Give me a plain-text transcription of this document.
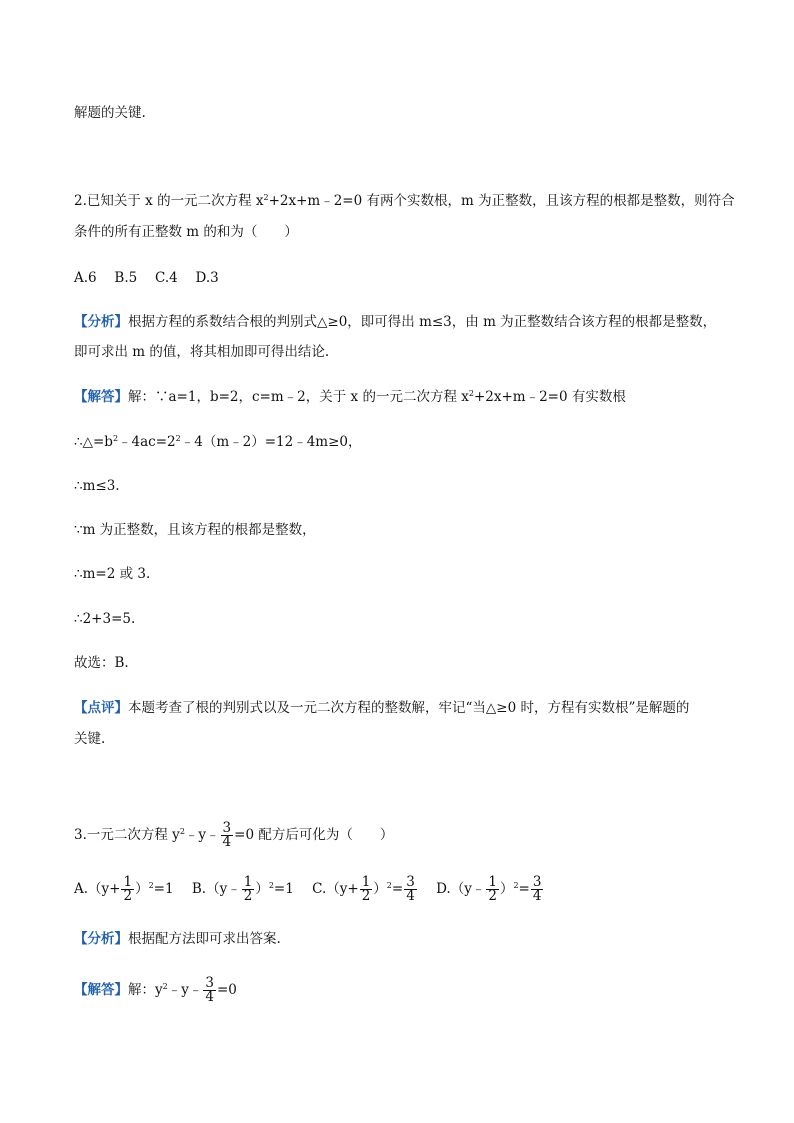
解题的关键.
2.已知关于 x 的一元二次方程 $x^2+2x+m﹣2=0$ 有两个实数根，m 为正整数，且该方程的根都是整数，则符合
条件的所有正整数 m 的和为（　　）
A.6　 B.5　 C.4　 D.3
【分析】根据方程的系数结合根的判别式△≥0，即可得出 m≤3，由 m 为正整数结合该方程的根都是整数，
即可求出 m 的值，将其相加即可得出结论.
【解答】解：∵a=1，b=2，c=m﹣2，关于 x 的一元二次方程 $x^2+2x+m﹣2=0$ 有实数根
$\therefore\triangle=b^2﹣4ac=2^2﹣4(m﹣2)=12﹣4m\ge 0$，
∴m≤3.
∵m 为正整数，且该方程的根都是整数，
∴m=2 或 3.
∴2+3=5.
故选：B.
【点评】本题考查了根的判别式以及一元二次方程的整数解，牢记“当△≥0 时，方程有实数根”是解题的
关键.
3.一元二次方程 $y^2﹣y﹣ \frac{3}{4} =0$ 配方后可化为（　　）
$A.(y+ \frac{1}{2} )^2=1$ B.（y﹣ $\frac{1}{2} )^2=1$ $C.(y+ \frac{1}{2} )^2= \frac{3}{4}$ D.（y﹣ $\frac{1}{2} )^2= \frac{3}{4}$
【分析】根据配方法即可求出答案.
【解答】解：$y^2﹣y﹣ \frac{3}{4} =0$
